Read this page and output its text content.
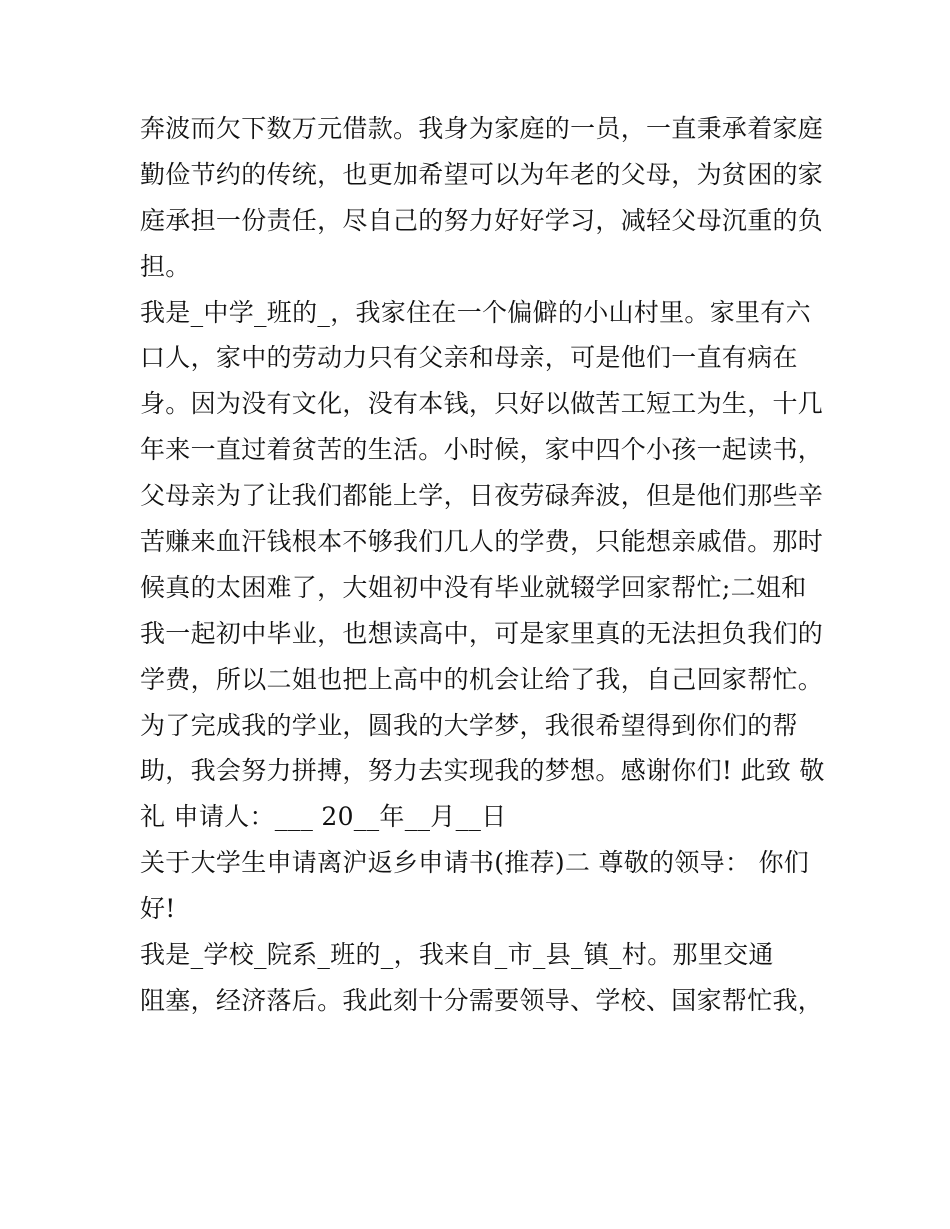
奔波而欠下数万元借款。我身为家庭的一员，一直秉承着家庭
勤俭节约的传统，也更加希望可以为年老的父母，为贫困的家
庭承担一份责任，尽自己的努力好好学习，减轻父母沉重的负
担。
我是_中学_班的_，我家住在一个偏僻的小山村里。家里有六
口人，家中的劳动力只有父亲和母亲，可是他们一直有病在
身。因为没有文化，没有本钱，只好以做苦工短工为生，十几
年来一直过着贫苦的生活。小时候，家中四个小孩一起读书，
父母亲为了让我们都能上学，日夜劳碌奔波，但是他们那些辛
苦赚来血汗钱根本不够我们几人的学费，只能想亲戚借。那时
候真的太困难了，大姐初中没有毕业就辍学回家帮忙;二姐和
我一起初中毕业，也想读高中，可是家里真的无法担负我们的
学费，所以二姐也把上高中的机会让给了我，自己回家帮忙。
为了完成我的学业，圆我的大学梦，我很希望得到你们的帮
助，我会努力拼搏，努力去实现我的梦想。感谢你们! 此致 敬
礼 申请人：___ 20__年__月__日
关于大学生申请离沪返乡申请书(推荐)二 尊敬的领导： 你们
好!
我是_学校_院系_班的_，我来自_市_县_镇_村。那里交通
阻塞，经济落后。我此刻十分需要领导、学校、国家帮忙我，
